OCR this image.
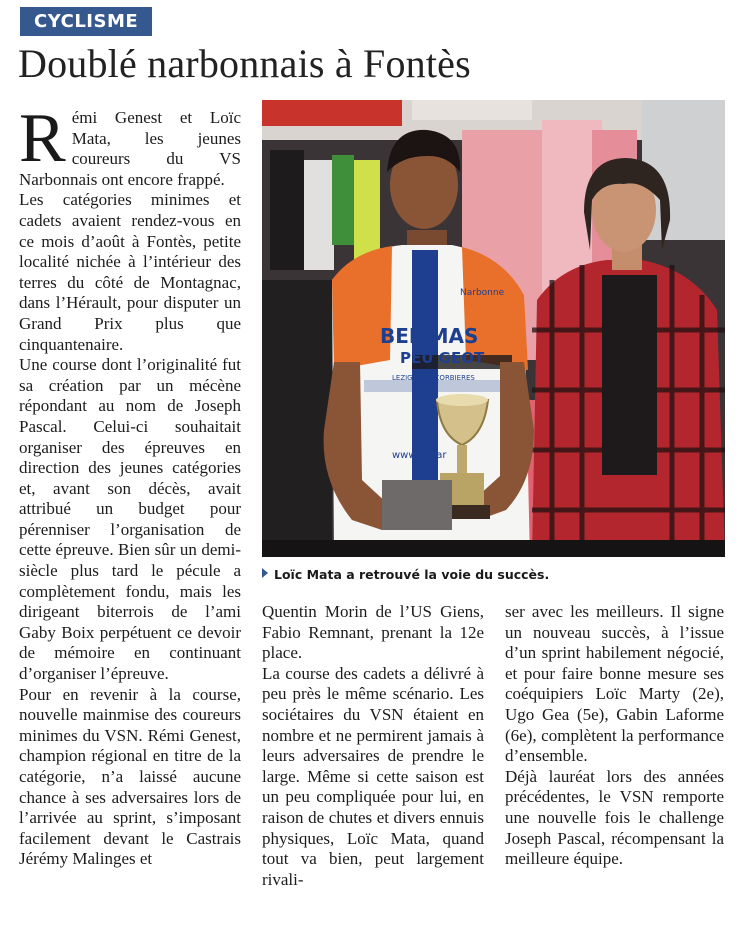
CYCLISME
Doublé narbonnais à Fontès

Rémi Genest et Loïc Mata, les jeunes coureurs du VS Narbonnais ont encore frappé.

Les catégories minimes et cadets avaient rendez-vous en ce mois d’août à Fontès, petite localité nichée à l’intérieur des terres du côté de Montagnac, dans l’Hérault, pour disputer un Grand Prix plus que cinquantenaire.

Une course dont l’originalité fut sa création par un mécène répondant au nom de Joseph Pascal. Celui-ci souhaitait organiser des épreuves en direction des jeunes catégories et, avant son décès, avait attribué un budget pour pérenniser l’organisation de cette épreuve. Bien sûr un demi-siècle plus tard le pécule a complètement fondu, mais les dirigeant biterrois de l’ami Gaby Boix perpétuent ce devoir de mémoire en continuant d’organiser l’épreuve.

Pour en revenir à la course, nouvelle mainmise des coureurs minimes du VSN. Rémi Genest, champion régional en titre de la catégorie, n’a laissé aucune chance à ses adversaires lors de l’arrivée au sprint, s’imposant facilement devant le Castrais Jérémy Malinges et

BEL MAS
PEU GEOT
LEZIGNAN · CORBIERES
www.vsnar
Narbonne
Loïc Mata a retrouvé la voie du succès.

Quentin Morin de l’US Giens, Fabio Remnant, prenant la 12e place.

La course des cadets a délivré à peu près le même scénario. Les sociétaires du VSN étaient en nombre et ne permirent jamais à leurs adversaires de prendre le large. Même si cette saison est un peu compliquée pour lui, en raison de chutes et divers ennuis physiques, Loïc Mata, quand tout va bien, peut largement rivali-

ser avec les meilleurs. Il signe un nouveau succès, à l’issue d’un sprint habilement négocié, et pour faire bonne mesure ses coéquipiers Loïc Marty (2e), Ugo Gea (5e), Gabin Laforme (6e), complètent la performance d’ensemble.

Déjà lauréat lors des années précédentes, le VSN remporte une nouvelle fois le challenge Joseph Pascal, récompensant la meilleure équipe.
